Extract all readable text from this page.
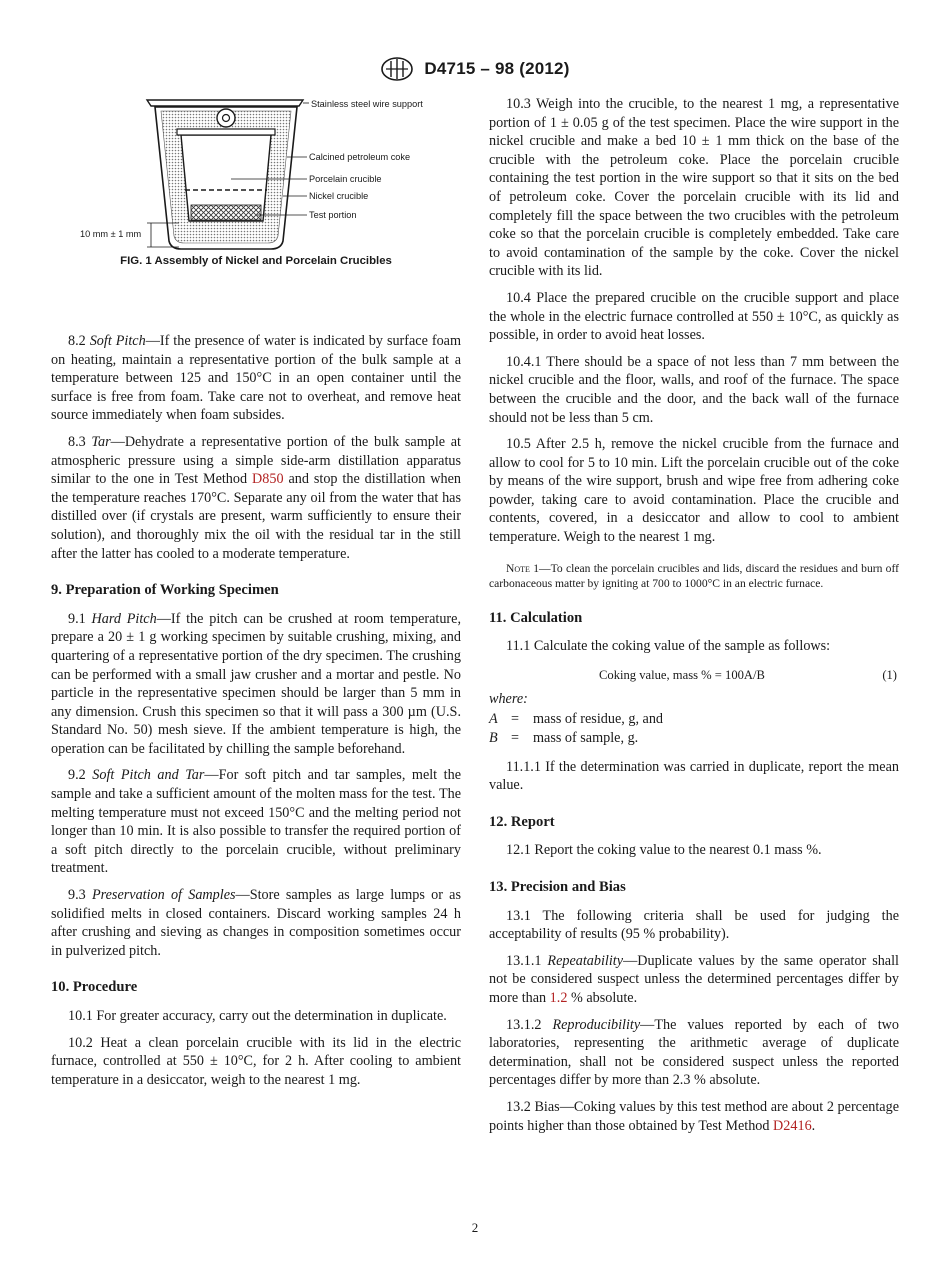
D4715 – 98 (2012)
Stainless steel wire support
Calcined petroleum coke
Porcelain crucible
Nickel crucible
Test portion
10 mm ± 1 mm
FIG. 1 Assembly of Nickel and Porcelain Crucibles

8.2 Soft Pitch—If the presence of water is indicated by surface foam on heating, maintain a representative portion of the bulk sample at a temperature between 125 and 150°C in an open container until the surface is free from foam. Take care not to overheat, and remove heat source immediately when foam subsides.

8.3 Tar—Dehydrate a representative portion of the bulk sample at atmospheric pressure using a simple side-arm distillation apparatus similar to the one in Test Method D850 and stop the distillation when the temperature reaches 170°C. Separate any oil from the water that has distilled over (if crystals are present, warm sufficiently to ensure their solution), and thoroughly mix the oil with the residual tar in the still after the latter has cooled to a moderate temperature.

9. Preparation of Working Specimen

9.1 Hard Pitch—If the pitch can be crushed at room temperature, prepare a 20 ± 1 g working specimen by suitable crushing, mixing, and quartering of a representative portion of the dry specimen. The crushing can be performed with a small jaw crusher and a mortar and pestle. No particle in the representative specimen should be larger than 5 mm in any dimension. Crush this specimen so that it will pass a 300 µm (U.S. Standard No. 50) mesh sieve. If the ambient temperature is high, the operation can be facilitated by chilling the sample beforehand.

9.2 Soft Pitch and Tar—For soft pitch and tar samples, melt the sample and take a sufficient amount of the molten mass for the test. The melting temperature must not exceed 150°C and the melting period not longer than 10 min. It is also possible to transfer the required portion of a soft pitch directly to the porcelain crucible, without preliminary treatment.

9.3 Preservation of Samples—Store samples as large lumps or as solidified melts in closed containers. Discard working samples 24 h after crushing and sieving as changes in composition sometimes occur in pulverized pitch.

10. Procedure

10.1 For greater accuracy, carry out the determination in duplicate.

10.2 Heat a clean porcelain crucible with its lid in the electric furnace, controlled at 550 ± 10°C, for 2 h. After cooling to ambient temperature in a desiccator, weigh to the nearest 1 mg.

10.3 Weigh into the crucible, to the nearest 1 mg, a representative portion of 1 ± 0.05 g of the test specimen. Place the wire support in the nickel crucible and make a bed 10 ± 1 mm thick on the base of the crucible with the petroleum coke. Place the porcelain crucible containing the test portion in the wire support so that it sits on the bed of petroleum coke. Cover the porcelain crucible with its lid and completely fill the space between the two crucibles with the petroleum coke so that the porcelain crucible is completely embedded. Take care to avoid contamination of the sample by the coke. Cover the nickel crucible with its lid.

10.4 Place the prepared crucible on the crucible support and place the whole in the electric furnace controlled at 550 ± 10°C, as quickly as possible, in order to avoid heat losses.

10.4.1 There should be a space of not less than 7 mm between the nickel crucible and the floor, walls, and roof of the furnace. The space between the crucible and the door, and the back wall of the furnace should not be less than 5 cm.

10.5 After 2.5 h, remove the nickel crucible from the furnace and allow to cool for 5 to 10 min. Lift the porcelain crucible out of the coke by means of the wire support, brush and wipe free from adhering coke powder, taking care to avoid contamination. Place the crucible and contents, covered, in a desiccator and allow to cool to ambient temperature. Weigh to the nearest 1 mg.

Note 1—To clean the porcelain crucibles and lids, discard the residues and burn off carbonaceous matter by igniting at 700 to 1000°C in an electric furnace.

11. Calculation

11.1 Calculate the coking value of the sample as follows:

Coking value, mass % = 100A/B	(1)
where:
A = mass of residue, g, and
B = mass of sample, g.

11.1.1 If the determination was carried in duplicate, report the mean value.

12. Report

12.1 Report the coking value to the nearest 0.1 mass %.

13. Precision and Bias

13.1 The following criteria shall be used for judging the acceptability of results (95 % probability).

13.1.1 Repeatability—Duplicate values by the same operator shall not be considered suspect unless the determined percentages differ by more than 1.2 % absolute.

13.1.2 Reproducibility—The values reported by each of two laboratories, representing the arithmetic average of duplicate determination, shall not be considered suspect unless the reported percentages differ by more than 2.3 % absolute.

13.2 Bias—Coking values by this test method are about 2 percentage points higher than those obtained by Test Method D2416.

2
